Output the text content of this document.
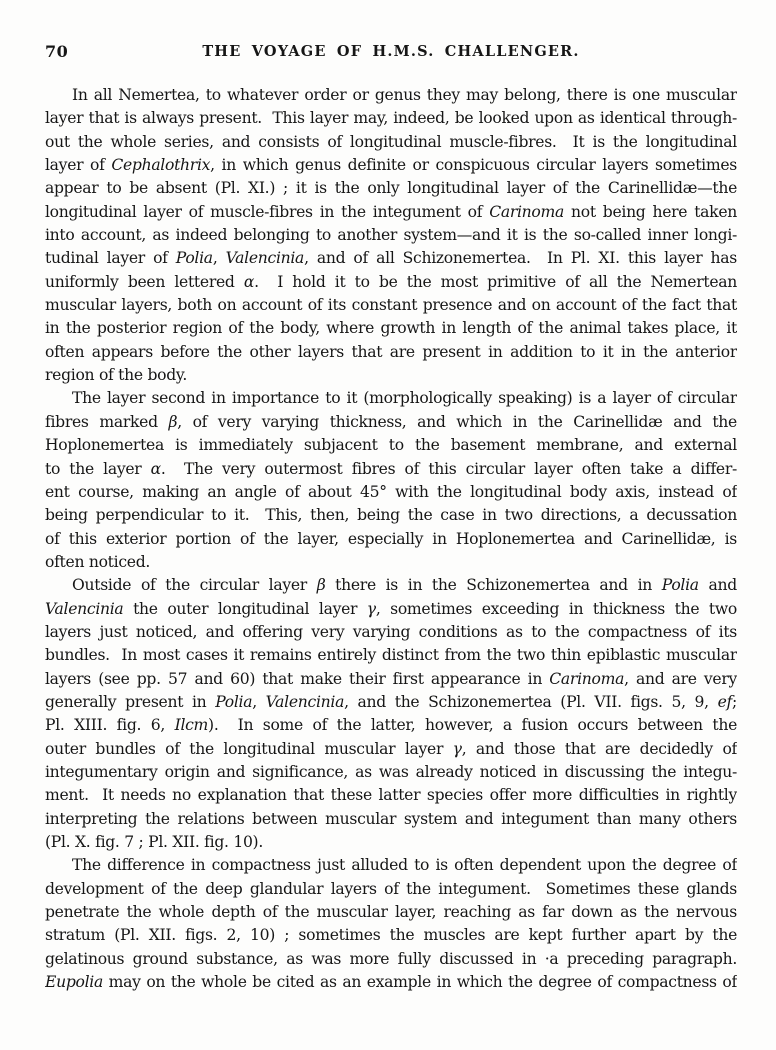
70	THE VOYAGE OF H.M.S. CHALLENGER.
In all Nemertea, to whatever order or genus they may belong, there is one muscular
layer that is always present.  This layer may, indeed, be looked upon as identical through-
out the whole series, and consists of longitudinal muscle-fibres.  It is the longitudinal
layer of Cephalothrix, in which genus definite or conspicuous circular layers sometimes
appear to be absent (Pl. XI.) ; it is the only longitudinal layer of the Carinellidæ—the
longitudinal layer of muscle-fibres in the integument of Carinoma not being here taken
into account, as indeed belonging to another system—and it is the so-called inner longi-
tudinal layer of Polia, Valencinia, and of all Schizonemertea.  In Pl. XI. this layer has
uniformly been lettered α.  I hold it to be the most primitive of all the Nemertean
muscular layers, both on account of its constant presence and on account of the fact that
in the posterior region of the body, where growth in length of the animal takes place, it
often appears before the other layers that are present in addition to it in the anterior
region of the body.
The layer second in importance to it (morphologically speaking) is a layer of circular
fibres marked β, of very varying thickness, and which in the Carinellidæ and the
Hoplonemertea is immediately subjacent to the basement membrane, and external
to the layer α.  The very outermost fibres of this circular layer often take a differ-
ent course, making an angle of about 45° with the longitudinal body axis, instead of
being perpendicular to it.  This, then, being the case in two directions, a decussation
of this exterior portion of the layer, especially in Hoplonemertea and Carinellidæ, is
often noticed.
Outside of the circular layer β there is in the Schizonemertea and in Polia and
Valencinia the outer longitudinal layer γ, sometimes exceeding in thickness the two
layers just noticed, and offering very varying conditions as to the compactness of its
bundles.  In most cases it remains entirely distinct from the two thin epiblastic muscular
layers (see pp. 57 and 60) that make their first appearance in Carinoma, and are very
generally present in Polia, Valencinia, and the Schizonemertea (Pl. VII. figs. 5, 9, ef;
Pl. XIII. fig. 6, Ilcm).  In some of the latter, however, a fusion occurs between the
outer bundles of the longitudinal muscular layer γ, and those that are decidedly of
integumentary origin and significance, as was already noticed in discussing the integu-
ment.  It needs no explanation that these latter species offer more difficulties in rightly
interpreting the relations between muscular system and integument than many others
(Pl. X. fig. 7 ; Pl. XII. fig. 10).
The difference in compactness just alluded to is often dependent upon the degree of
development of the deep glandular layers of the integument.  Sometimes these glands
penetrate the whole depth of the muscular layer, reaching as far down as the nervous
stratum (Pl. XII. figs. 2, 10) ; sometimes the muscles are kept further apart by the
gelatinous ground substance, as was more fully discussed in ·a preceding paragraph.
Eupolia may on the whole be cited as an example in which the degree of compactness of
